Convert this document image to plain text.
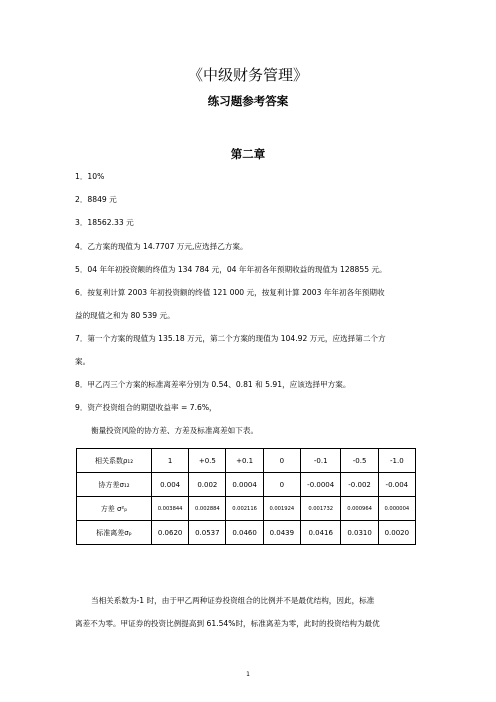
《中级财务管理》
练习题参考答案
第二章
1．10%
2．8849 元
3．18562.33 元
4．乙方案的现值为 14.7707 万元,应选择乙方案。
5．04 年年初投资额的终值为 134 784 元，04 年年初各年预期收益的现值为 128855 元。
6．按复利计算 2003 年初投资额的终值 121 000 元，按复利计算 2003 年年初各年预期收
益的现值之和为 80 539 元。
7．第一个方案的现值为 135.18 万元，第二个方案的现值为 104.92 万元，应选择第二个方
案。
8．甲乙丙三个方案的标准离差率分别为 0.54、0.81 和 5.91，应该选择甲方案。
9．资产投资组合的期望收益率 = 7.6%，
衡量投资风险的协方差、方差及标准离差如下表。
相关系数ρ₁₂	1	+0.5	+0.1	0	-0.1	-0.5	-1.0
协方差σ₁₂	0.004	0.002	0.0004	0	-0.0004	-0.002	-0.004
方差 σ²ₚ	0.003844	0.002884	0.002116	0.001924	0.001732	0.000964	0.000004
标准离差σₚ	0.0620	0.0537	0.0460	0.0439	0.0416	0.0310	0.0020
当相关系数为-1 时，由于甲乙两种证券投资组合的比例并不是最优结构，因此，标准
离差不为零。甲证券的投资比例提高到 61.54%时，标准离差为零，此时的投资结构为最优
1
